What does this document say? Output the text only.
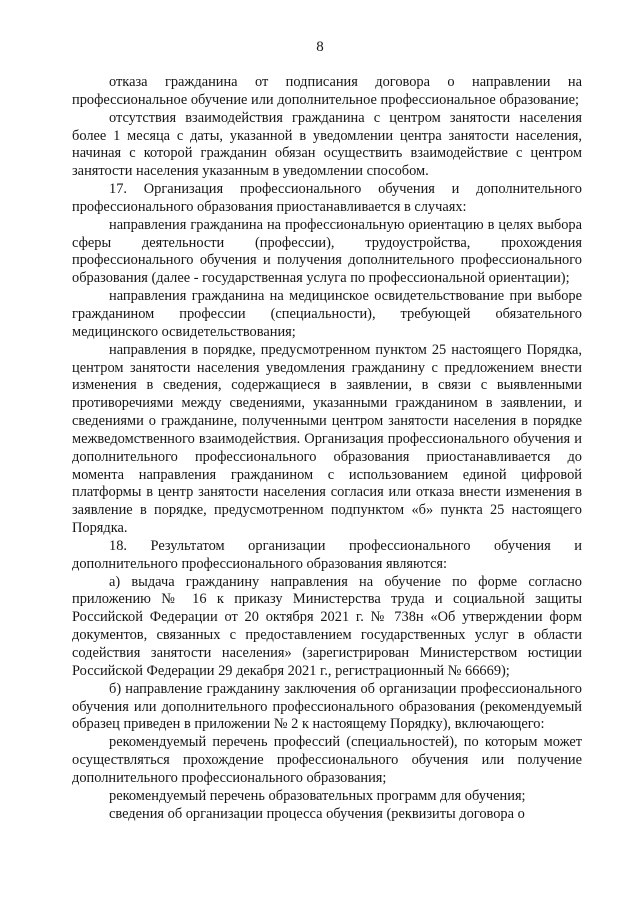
8

отказа гражданина от подписания договора о направлении на профессиональное обучение или дополнительное профессиональное образование;

отсутствия взаимодействия гражданина с центром занятости населения более 1 месяца с даты, указанной в уведомлении центра занятости населения, начиная с которой гражданин обязан осуществить взаимодействие с центром занятости населения указанным в уведомлении способом.

17. Организация профессионального обучения и дополнительного профессионального образования приостанавливается в случаях:

направления гражданина на профессиональную ориентацию в целях выбора сферы деятельности (профессии), трудоустройства, прохождения профессионального обучения и получения дополнительного профессионального образования (далее - государственная услуга по профессиональной ориентации);

направления гражданина на медицинское освидетельствование при выборе гражданином профессии (специальности), требующей обязательного медицинского освидетельствования;

направления в порядке, предусмотренном пунктом 25 настоящего Порядка, центром занятости населения уведомления гражданину с предложением внести изменения в сведения, содержащиеся в заявлении, в связи с выявленными противоречиями между сведениями, указанными гражданином в заявлении, и сведениями о гражданине, полученными центром занятости населения в порядке межведомственного взаимодействия. Организация профессионального обучения и дополнительного профессионального образования приостанавливается до момента направления гражданином с использованием единой цифровой платформы в центр занятости населения согласия или отказа внести изменения в заявление в порядке, предусмотренном подпунктом «б» пункта 25 настоящего Порядка.

18. Результатом организации профессионального обучения и дополнительного профессионального образования являются:

а) выдача гражданину направления на обучение по форме согласно приложению № 16 к приказу Министерства труда и социальной защиты Российской Федерации от 20 октября 2021 г. № 738н «Об утверждении форм документов, связанных с предоставлением государственных услуг в области содействия занятости населения» (зарегистрирован Министерством юстиции Российской Федерации 29 декабря 2021 г., регистрационный № 66669);

б) направление гражданину заключения об организации профессионального обучения или дополнительного профессионального образования (рекомендуемый образец приведен в приложении № 2 к настоящему Порядку), включающего:

рекомендуемый перечень профессий (специальностей), по которым может осуществляться прохождение профессионального обучения или получение дополнительного профессионального образования;

рекомендуемый перечень образовательных программ для обучения;

сведения об организации процесса обучения (реквизиты договора о
